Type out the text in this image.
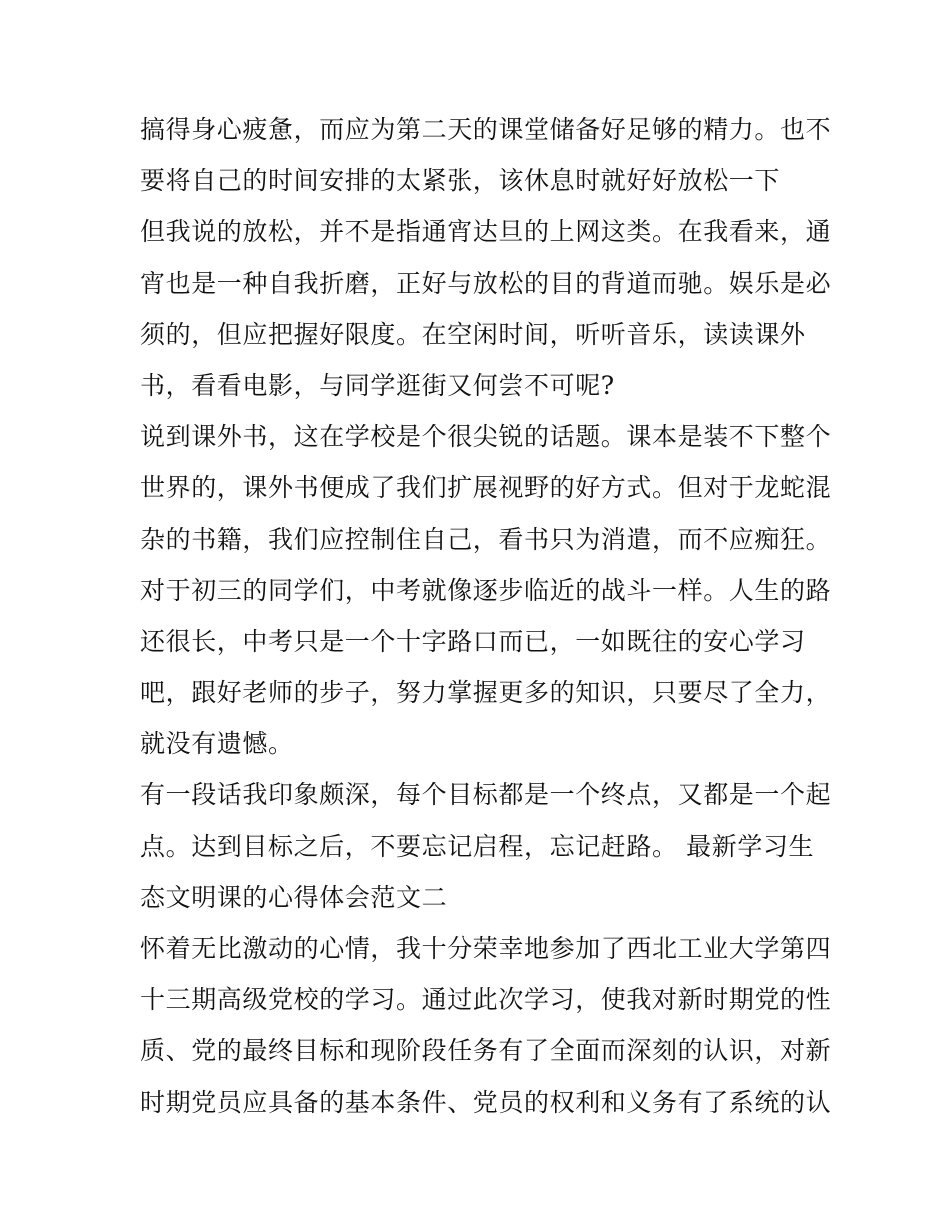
搞得身心疲惫，而应为第二天的课堂储备好足够的精力。也不
要将自己的时间安排的太紧张，该休息时就好好放松一下
但我说的放松，并不是指通宵达旦的上网这类。在我看来，通
宵也是一种自我折磨，正好与放松的目的背道而驰。娱乐是必
须的，但应把握好限度。在空闲时间，听听音乐，读读课外
书，看看电影，与同学逛街又何尝不可呢?
说到课外书，这在学校是个很尖锐的话题。课本是装不下整个
世界的，课外书便成了我们扩展视野的好方式。但对于龙蛇混
杂的书籍，我们应控制住自己，看书只为消遣，而不应痴狂。
对于初三的同学们，中考就像逐步临近的战斗一样。人生的路
还很长，中考只是一个十字路口而已，一如既往的安心学习
吧，跟好老师的步子，努力掌握更多的知识，只要尽了全力，
就没有遗憾。
有一段话我印象颇深，每个目标都是一个终点，又都是一个起
点。达到目标之后，不要忘记启程，忘记赶路。 最新学习生
态文明课的心得体会范文二
怀着无比激动的心情，我十分荣幸地参加了西北工业大学第四
十三期高级党校的学习。通过此次学习，使我对新时期党的性
质、党的最终目标和现阶段任务有了全面而深刻的认识，对新
时期党员应具备的基本条件、党员的权利和义务有了系统的认
